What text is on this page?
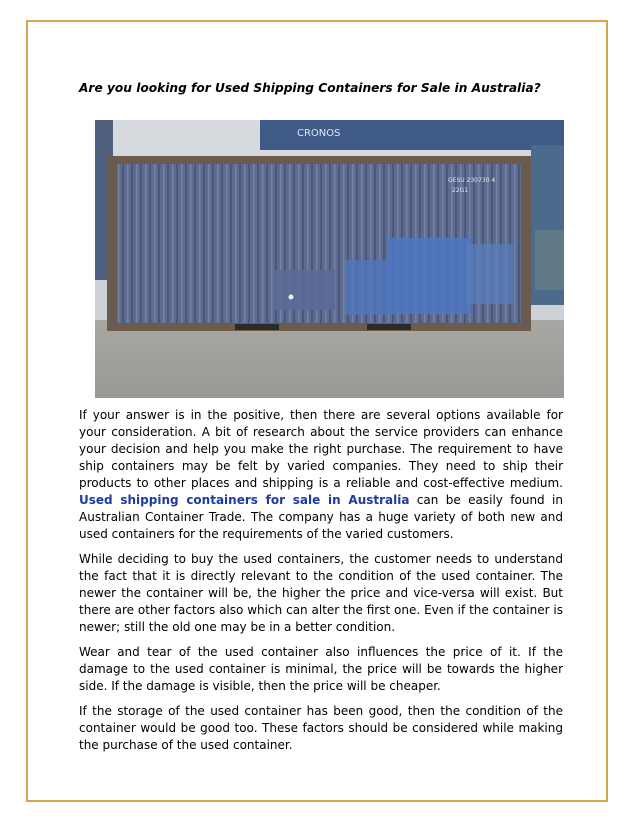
Are you looking for Used Shipping Containers for Sale in Australia?
CRONOS
GESU 230730 4
22G1

If your answer is in the positive, then there are several options available for your consideration. A bit of research about the service providers can enhance your decision and help you make the right purchase. The requirement to have ship containers may be felt by varied companies. They need to ship their products to other places and shipping is a reliable and cost-effective medium. Used shipping containers for sale in Australia can be easily found in Australian Container Trade. The company has a huge variety of both new and used containers for the requirements of the varied customers.

While deciding to buy the used containers, the customer needs to understand the fact that it is directly relevant to the condition of the used container. The newer the container will be, the higher the price and vice-versa will exist. But there are other factors also which can alter the first one. Even if the container is newer; still the old one may be in a better condition.

Wear and tear of the used container also influences the price of it. If the damage to the used container is minimal, the price will be towards the higher side. If the damage is visible, then the price will be cheaper.

If the storage of the used container has been good, then the condition of the container would be good too. These factors should be considered while making the purchase of the used container.
